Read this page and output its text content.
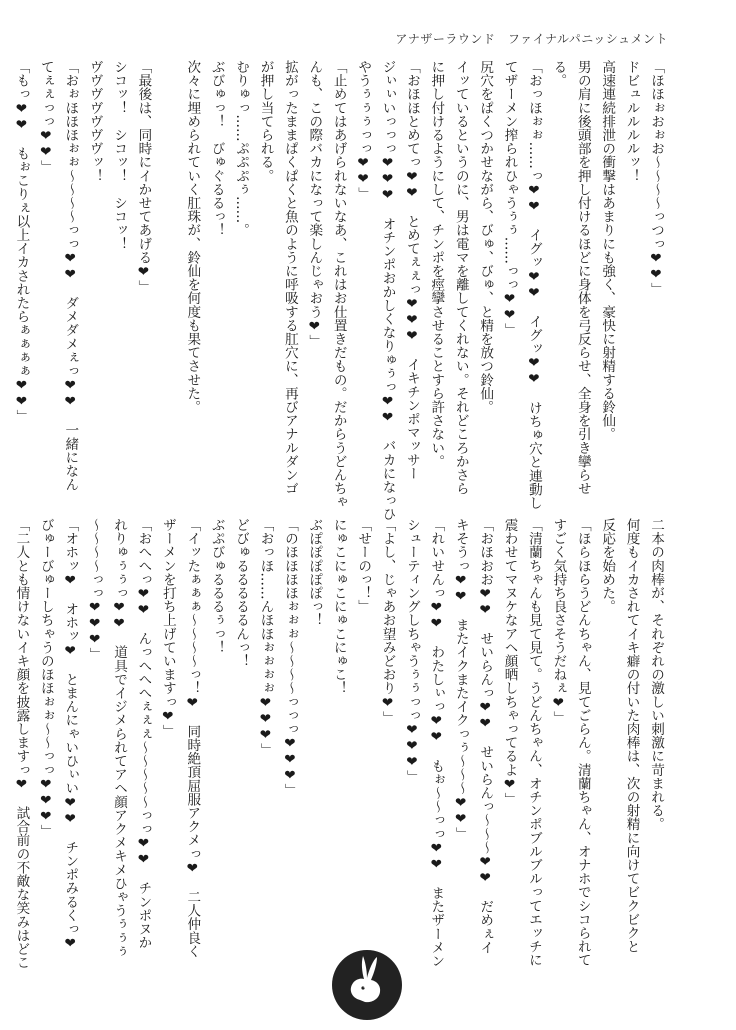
アナザーラウンド　ファイナルパニッシュメント

「ほほぉおぉお～～～～っつっ❤❤」

ドビュルルルルッ！

高速連続排泄の衝撃はあまりにも強く、豪快に射精する鈴仙。

男の肩に後頭部を押し付けるほどに身体を弓反らせ、全身を引き攣らせ

る。

「おっほぉぉ……っ❤❤　イグッ❤❤　イグッ❤❤　けちゅ穴と連動し

てザーメン搾られひゃうぅぅ……っっ❤❤」

尻穴をぱくつかせながら、びゅ、びゅ、と精を放つ鈴仙。

イッているというのに、男は電マを離してくれない。それどころかさら

に押し付けるようにして、チンポを痙攣させることすら許さない。

「おほほとめてっ❤❤　とめてぇぇっ❤❤❤　イキチンポマッサー

ジぃぃいっっっ❤❤❤　オチンポおかしくなりゅぅっ❤❤　バカになっひ

やうぅぅぅっっ❤❤」

「止めてはあげられないなあ、これはお仕置きだもの。だからうどんちゃ

んも、この際バカになって楽しんじゃおう❤」

拡がったままぱくぱくと魚のように呼吸する肛穴に、再びアナルダンゴ

が押し当てられる。

むりゅっ……ぷぷぷぅ……。

ぶびゅっ！　びゅぐるるっ！

次々に埋められていく肛珠が、鈴仙を何度も果てさせた。

「最後は、同時にイかせてあげる❤」

シコッ！　シコッ！　シコッ！

ヴヴヴヴヴヴヴッ！

「おぉほほほぉぉ～～～～っっ❤❤　ダメダメぇっ❤❤　一緒になん

てぇぇっっ❤❤」

「もっ❤❤　もぉこりぇ以上イカされたらぁぁぁぁ❤❤」

二本の肉棒が、それぞれの激しい刺激に苛まれる。

何度もイカされてイキ癖の付いた肉棒は、次の射精に向けてビクビクと

反応を始めた。

「ほらほらうどんちゃん、見てごらん。清蘭ちゃん、オナホでシコられて

すごく気持ち良さそうだねぇ❤」

「清蘭ちゃんも見て見て。うどんちゃん、オチンポブルブルってエッチに

震わせてマヌケなアヘ顔晒しちゃってるよ❤」

「おほおお❤❤　せいらんっ❤❤　せいらんっ～～～❤❤　だめぇイ

キそうっ❤❤　またイクまたイクっぅ～～～❤❤」

「れいせんっ❤❤　わたしぃっ❤❤　もぉ～～っっ❤❤　またザーメン

シューティングしちゃうぅぅっっ❤❤❤」

「よし、じゃあお望みどおり❤」

「せーのっ！」

にゅこにゅこにゅこにゅこ！

ぶぽぽぽぽぽっ！

「のほほほほぉぉぉ～～～～っっっ❤❤❤」

「おっほ……んほほぉぉぉぉ❤❤❤」

どびゅるるるるるんっ！

ぶぷびゅるるるぅっ！

「イッたぁぁぁ～～～～っ！❤　同時絶頂屈服アクメっ❤　二人仲良く

ザーメンを打ち上げていますっ❤」

「おへへっ❤❤　んっへへへぇぇぇ～～～～～っっ❤❤　チンポヌか

れりゅぅぅっ❤❤　道具でイジメられてアヘ顔アクメキメひゃうぅぅぅ

～～～～っっ❤❤❤」

「オホッ❤　オホッ❤　とまんにゃいひぃい❤❤　チンポみるくっ❤

びゅーびゅーしちゃうのほほぉぉ～～っっ❤❤❤」

「二人とも情けないイキ顔を披露しますっ❤　試合前の不敵な笑みはどこ

36
